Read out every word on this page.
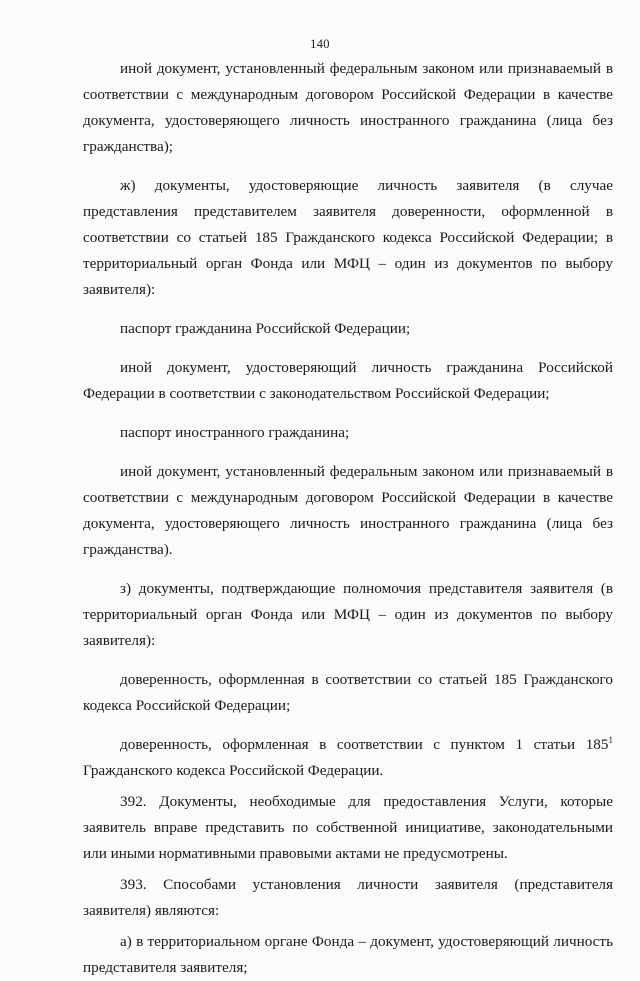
140

иной документ, установленный федеральным законом или признаваемый в соответствии с международным договором Российской Федерации в качестве документа, удостоверяющего личность иностранного гражданина (лица без гражданства);

ж) документы, удостоверяющие личность заявителя (в случае представления представителем заявителя доверенности, оформленной в соответствии со статьей 185 Гражданского кодекса Российской Федерации; в территориальный орган Фонда или МФЦ – один из документов по выбору заявителя):

паспорт гражданина Российской Федерации;

иной документ, удостоверяющий личность гражданина Российской Федерации в соответствии с законодательством Российской Федерации;

паспорт иностранного гражданина;

иной документ, установленный федеральным законом или признаваемый в соответствии с международным договором Российской Федерации в качестве документа, удостоверяющего личность иностранного гражданина (лица без гражданства).

з) документы, подтверждающие полномочия представителя заявителя (в территориальный орган Фонда или МФЦ – один из документов по выбору заявителя):

доверенность, оформленная в соответствии со статьей 185 Гражданского кодекса Российской Федерации;

доверенность, оформленная в соответствии с пунктом 1 статьи $185^1$ Гражданского кодекса Российской Федерации.

392. Документы, необходимые для предоставления Услуги, которые заявитель вправе представить по собственной инициативе, законодательными или иными нормативными правовыми актами не предусмотрены.

393. Способами установления личности заявителя (представителя заявителя) являются:

а) в территориальном органе Фонда – документ, удостоверяющий личность представителя заявителя;
